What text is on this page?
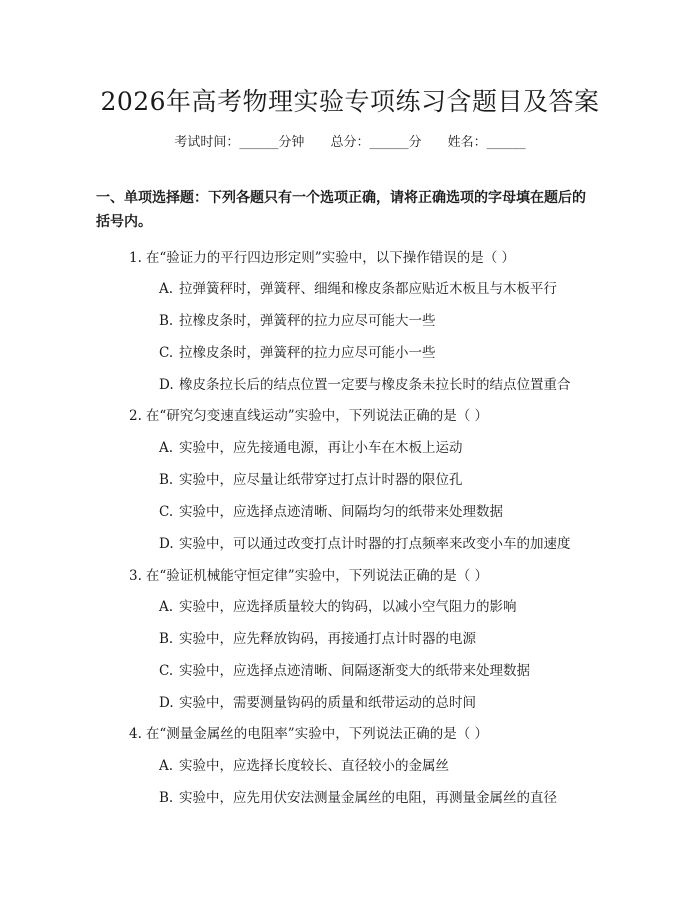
2026年高考物理实验专项练习含题目及答案
考试时间：______分钟 总分：______分 姓名：______

一、单项选择题：下列各题只有一个选项正确，请将正确选项的字母填在题后的括号内。

1. 在“验证力的平行四边形定则”实验中，以下操作错误的是（ ）
A. 拉弹簧秤时，弹簧秤、细绳和橡皮条都应贴近木板且与木板平行
B. 拉橡皮条时，弹簧秤的拉力应尽可能大一些
C. 拉橡皮条时，弹簧秤的拉力应尽可能小一些
D. 橡皮条拉长后的结点位置一定要与橡皮条未拉长时的结点位置重合
2. 在“研究匀变速直线运动”实验中，下列说法正确的是（ ）
A. 实验中，应先接通电源，再让小车在木板上运动
B. 实验中，应尽量让纸带穿过打点计时器的限位孔
C. 实验中，应选择点迹清晰、间隔均匀的纸带来处理数据
D. 实验中，可以通过改变打点计时器的打点频率来改变小车的加速度
3. 在“验证机械能守恒定律”实验中，下列说法正确的是（ ）
A. 实验中，应选择质量较大的钩码，以减小空气阻力的影响
B. 实验中，应先释放钩码，再接通打点计时器的电源
C. 实验中，应选择点迹清晰、间隔逐渐变大的纸带来处理数据
D. 实验中，需要测量钩码的质量和纸带运动的总时间
4. 在“测量金属丝的电阻率”实验中，下列说法正确的是（ ）
A. 实验中，应选择长度较长、直径较小的金属丝
B. 实验中，应先用伏安法测量金属丝的电阻，再测量金属丝的直径
